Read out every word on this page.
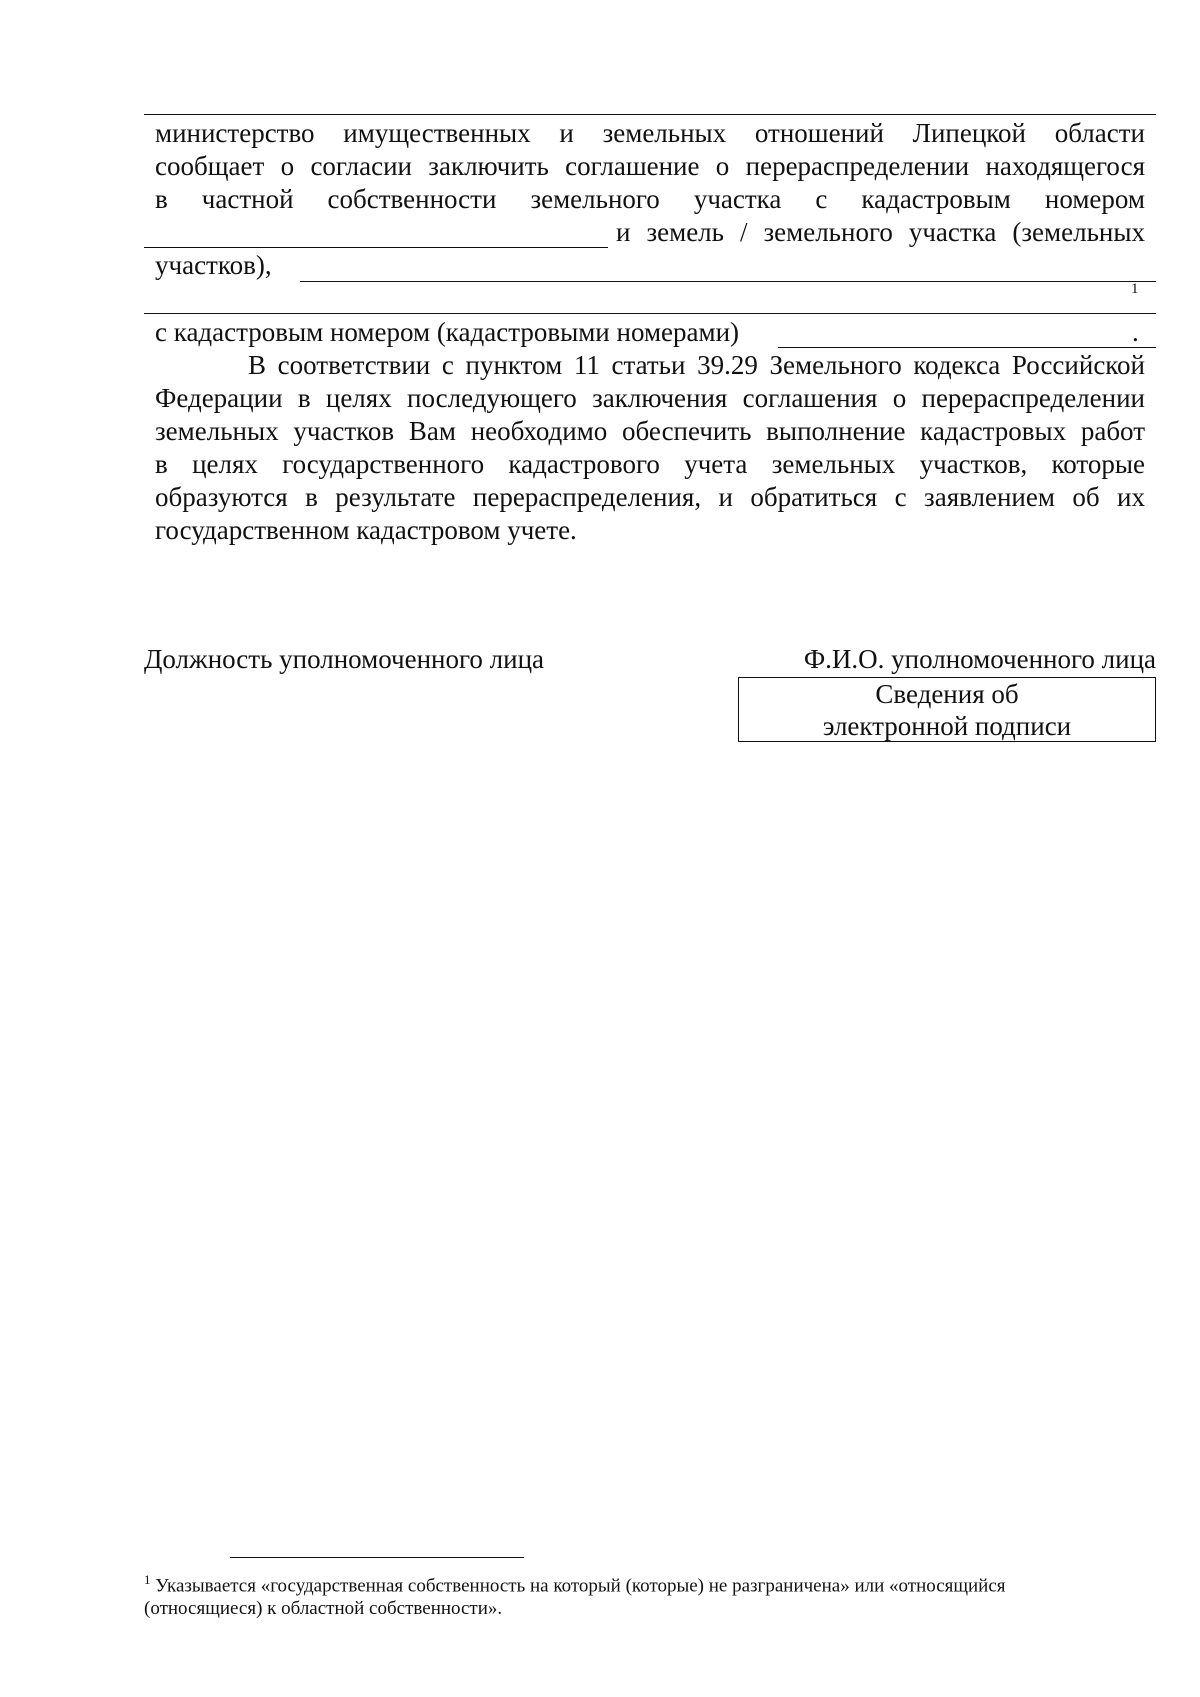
министерство имущественных и земельных отношений Липецкой области
сообщает о согласии заключить соглашение о перераспределении находящегося
в частной собственности земельного участка с кадастровым номером
и земель / земельного участка (земельных
участков),
1
с кадастровым номером (кадастровыми номерами)	.
В соответствии с пунктом 11 статьи 39.29 Земельного кодекса Российской
Федерации в целях последующего заключения соглашения о перераспределении
земельных участков Вам необходимо обеспечить выполнение кадастровых работ
в целях государственного кадастрового учета земельных участков, которые
образуются в результате перераспределения, и обратиться с заявлением об их
государственном кадастровом учете.
Должность уполномоченного лица	Ф.И.О. уполномоченного лица
Сведения об
электронной подписи
$^1$ Указывается «государственная собственность на который (которые) не разграничена» или «относящийся
(относящиеся) к областной собственности».
